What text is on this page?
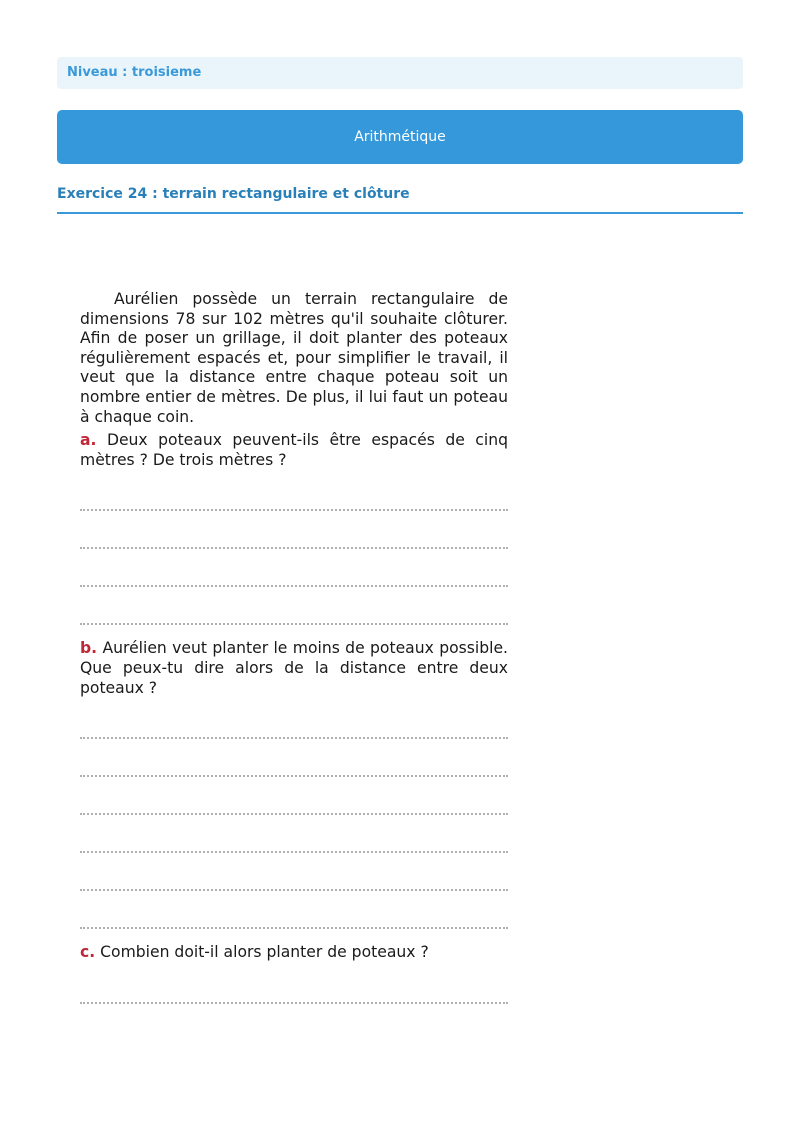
Niveau : troisieme
Arithmétique
Exercice 24 : terrain rectangulaire et clôture

Aurélien possède un terrain rectangulaire de dimensions 78 sur 102 mètres qu'il souhaite clôturer. Afin de poser un grillage, il doit planter des poteaux régulièrement espacés et, pour simplifier le travail, il veut que la distance entre chaque poteau soit un nombre entier de mètres. De plus, il lui faut un poteau à chaque coin.

a. Deux poteaux peuvent-ils être espacés de cinq mètres ? De trois mètres ?

b. Aurélien veut planter le moins de poteaux possible. Que peux-tu dire alors de la distance entre deux poteaux ?

c. Combien doit-il alors planter de poteaux ?
